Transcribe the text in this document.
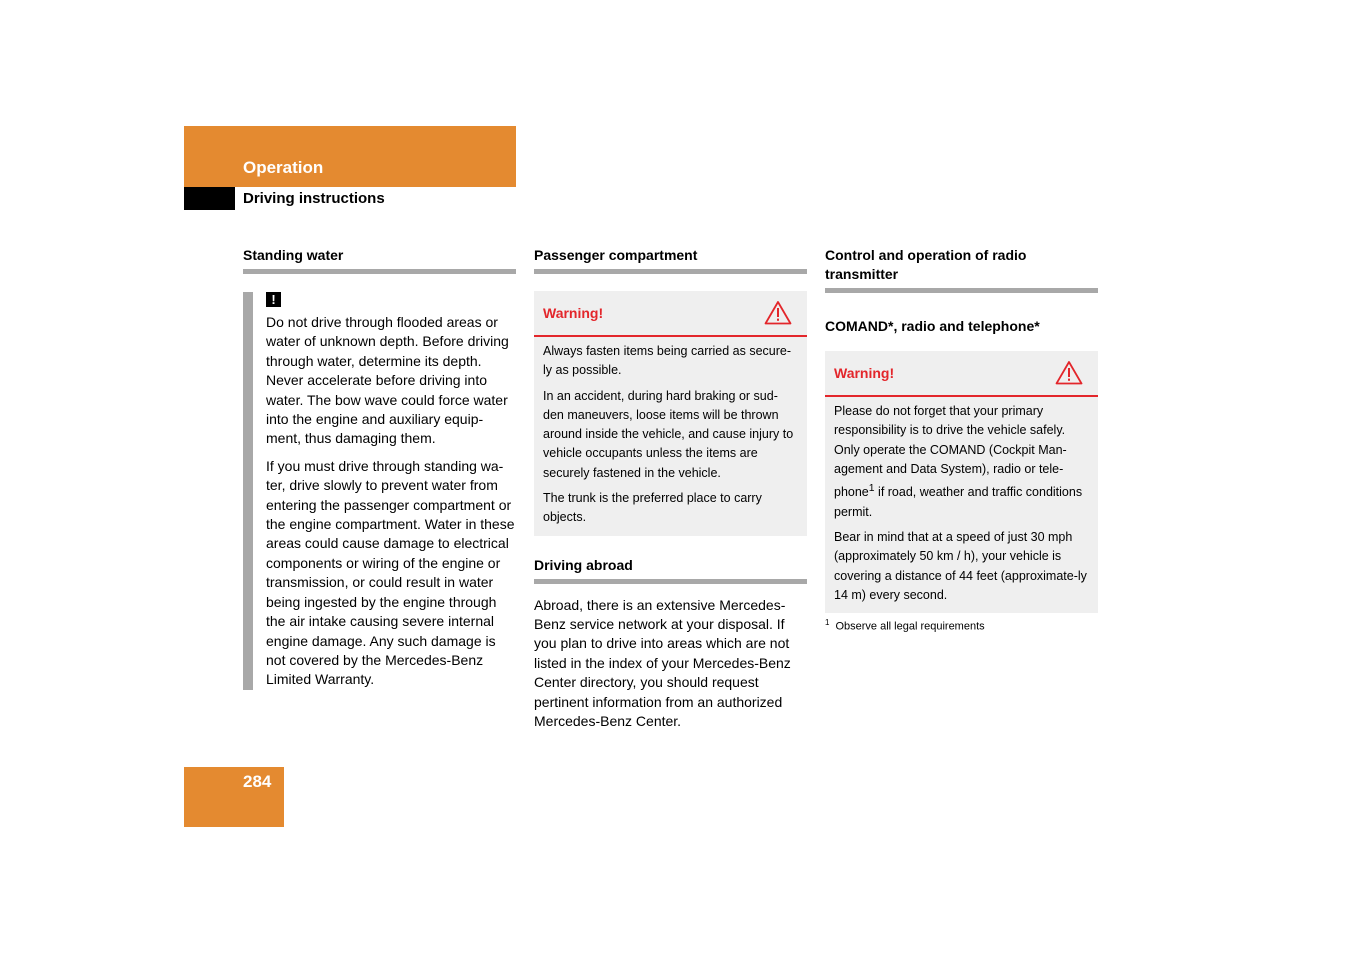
Operation
Driving instructions
Standing water
!

Do not drive through flooded areas or water of unknown depth. Before driving through water, determine its depth. Never accelerate before driving into water. The bow wave could force water into the engine and auxiliary equip-ment, thus damaging them.

If you must drive through standing wa-ter, drive slowly to prevent water from entering the passenger compartment or the engine compartment. Water in these areas could cause damage to electrical components or wiring of the engine or transmission, or could result in water being ingested by the engine through the air intake causing severe internal engine damage. Any such damage is not covered by the Mercedes-Benz Limited Warranty.

Passenger compartment
Warning!

Always fasten items being carried as secure-ly as possible.

In an accident, during hard braking or sud-den maneuvers, loose items will be thrown around inside the vehicle, and cause injury to vehicle occupants unless the items are securely fastened in the vehicle.

The trunk is the preferred place to carry objects.

Driving abroad

Abroad, there is an extensive Mercedes-Benz service network at your disposal. If you plan to drive into areas which are not listed in the index of your Mercedes-Benz Center directory, you should request pertinent information from an authorized Mercedes-Benz Center.

Control and operation of radio transmitter

COMAND*, radio and telephone*

Warning!

Please do not forget that your primary responsibility is to drive the vehicle safely. Only operate the COMAND (Cockpit Man-agement and Data System), radio or tele-phone$^1$ if road, weather and traffic conditions permit.

Bear in mind that at a speed of just 30 mph (approximately 50 km / h), your vehicle is covering a distance of 44 feet (approximate-ly 14 m) every second.

$^1$ Observe all legal requirements
284
